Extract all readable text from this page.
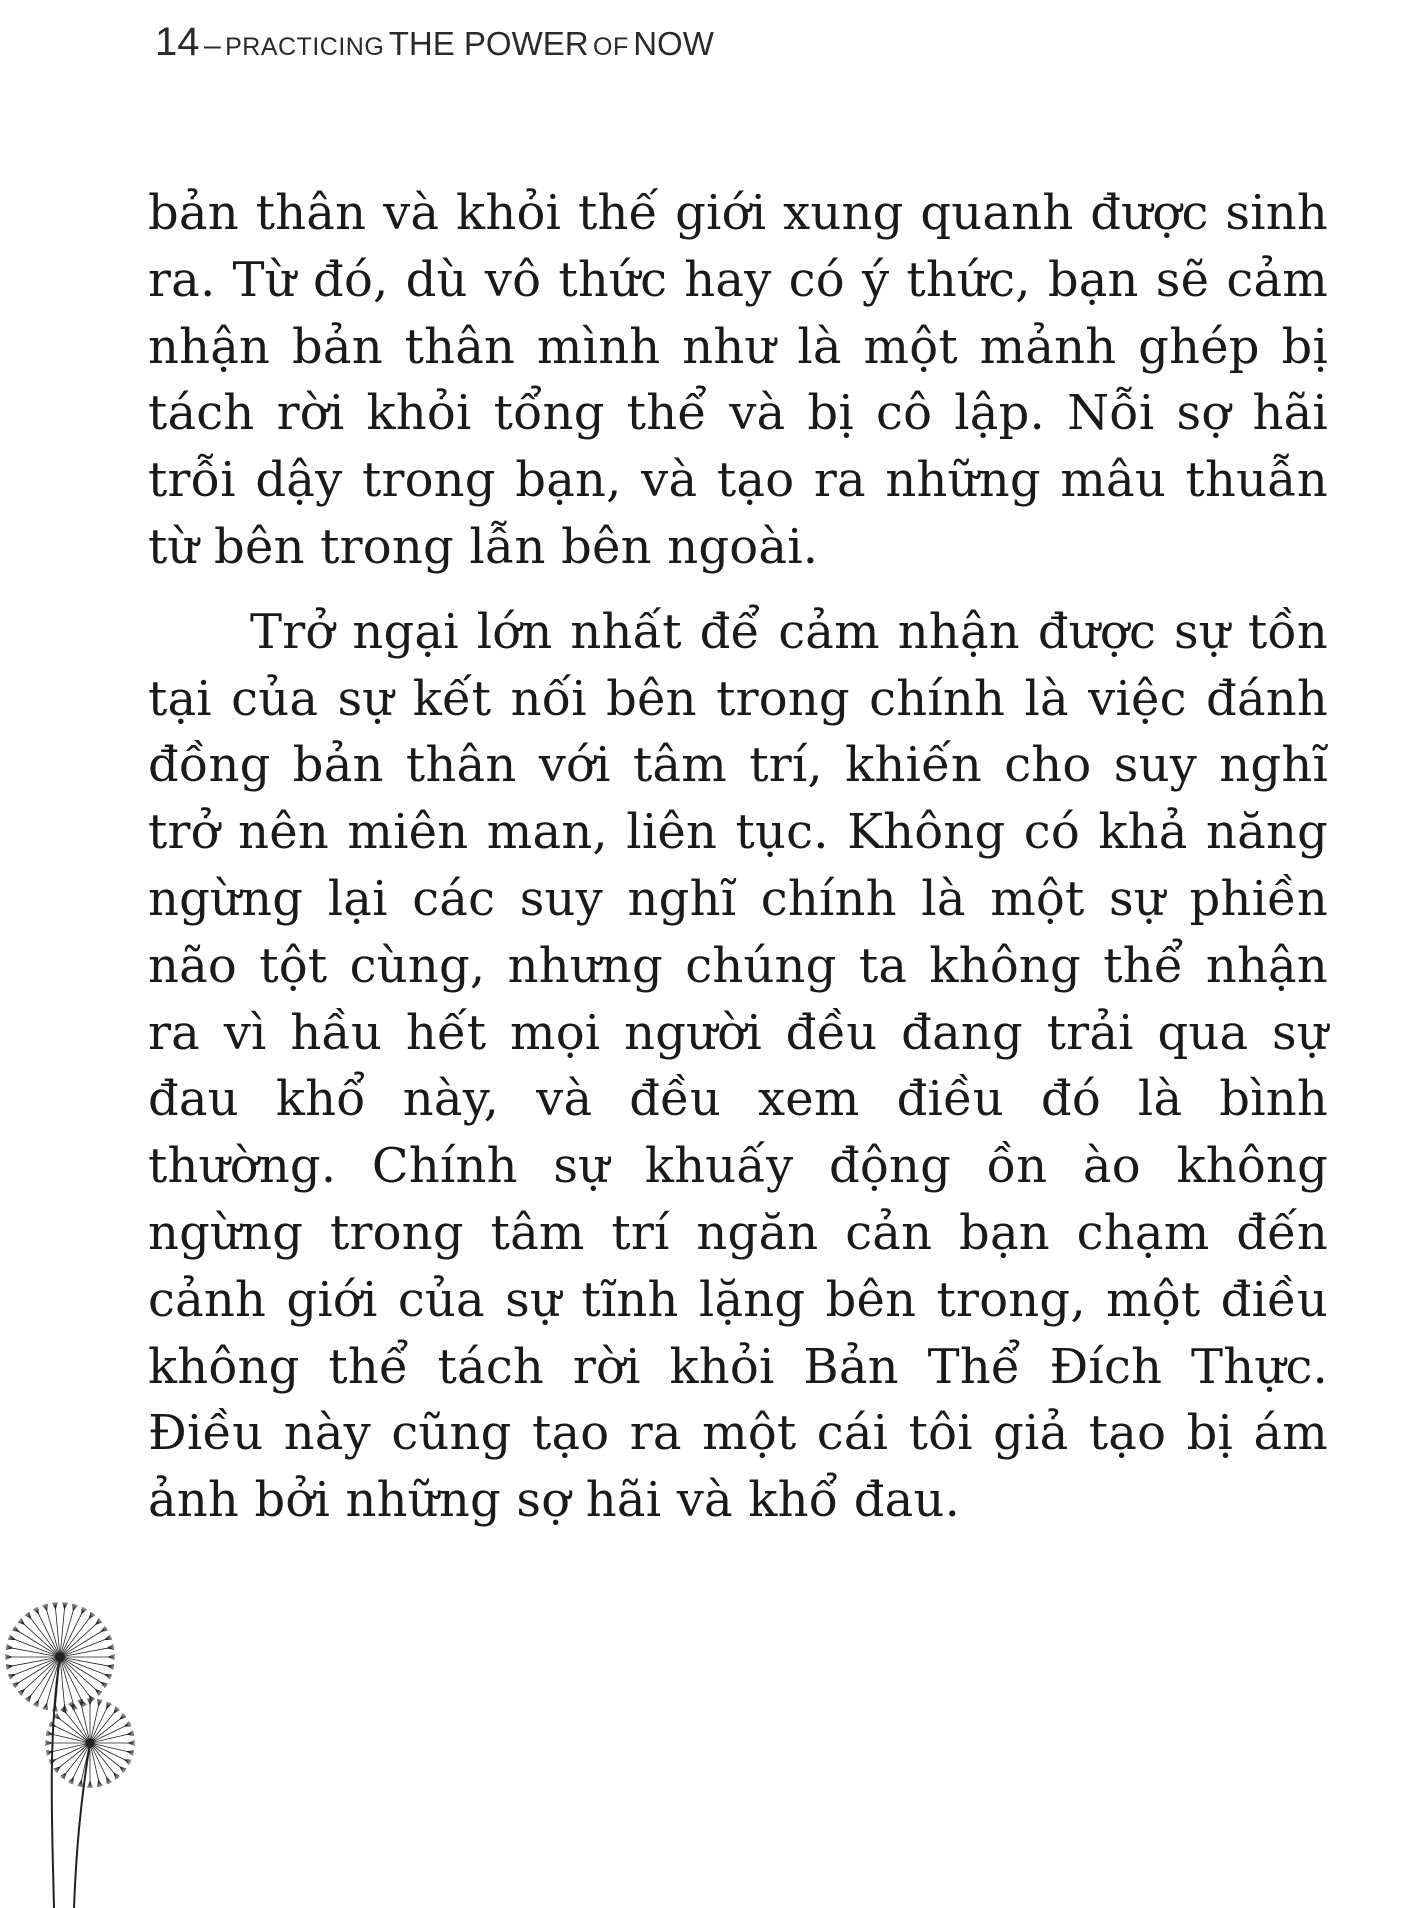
14 – PRACTICING THE POWER OF NOW

bản thân và khỏi thế giới xung quanh được sinh ra. Từ đó, dù vô thức hay có ý thức, bạn sẽ cảm nhận bản thân mình như là một mảnh ghép bị tách rời khỏi tổng thể và bị cô lập. Nỗi sợ hãi trỗi dậy trong bạn, và tạo ra những mâu thuẫn từ bên trong lẫn bên ngoài.

Trở ngại lớn nhất để cảm nhận được sự tồn tại của sự kết nối bên trong chính là việc đánh đồng bản thân với tâm trí, khiến cho suy nghĩ trở nên miên man, liên tục. Không có khả năng ngừng lại các suy nghĩ chính là một sự phiền não tột cùng, nhưng chúng ta không thể nhận ra vì hầu hết mọi người đều đang trải qua sự đau khổ này, và đều xem điều đó là bình thường. Chính sự khuấy động ồn ào không ngừng trong tâm trí ngăn cản bạn chạm đến cảnh giới của sự tĩnh lặng bên trong, một điều không thể tách rời khỏi Bản Thể Đích Thực. Điều này cũng tạo ra một cái tôi giả tạo bị ám ảnh bởi những sợ hãi và khổ đau.
